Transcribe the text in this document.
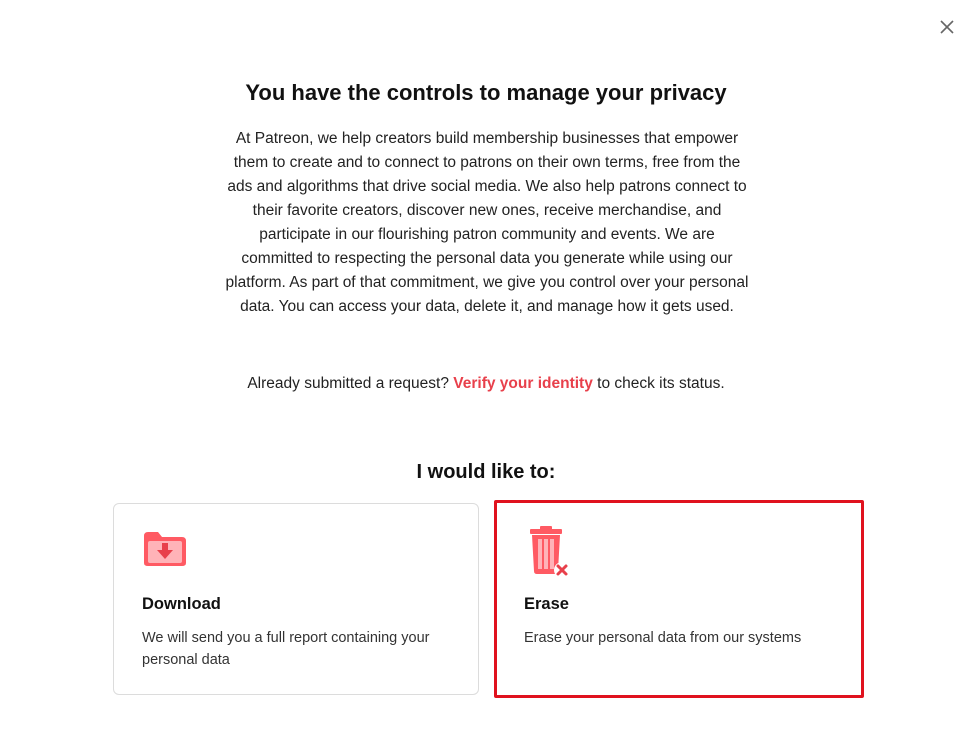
You have the controls to manage your privacy

At Patreon, we help creators build membership businesses that empower them to create and to connect to patrons on their own terms, free from the ads and algorithms that drive social media. We also help patrons connect to their favorite creators, discover new ones, receive merchandise, and participate in our flourishing patron community and events. We are committed to respecting the personal data you generate while using our platform. As part of that commitment, we give you control over your personal data. You can access your data, delete it, and manage how it gets used.

Already submitted a request? Verify your identity to check its status.

I would like to:

Download

We will send you a full report containing your personal data

Erase

Erase your personal data from our systems
